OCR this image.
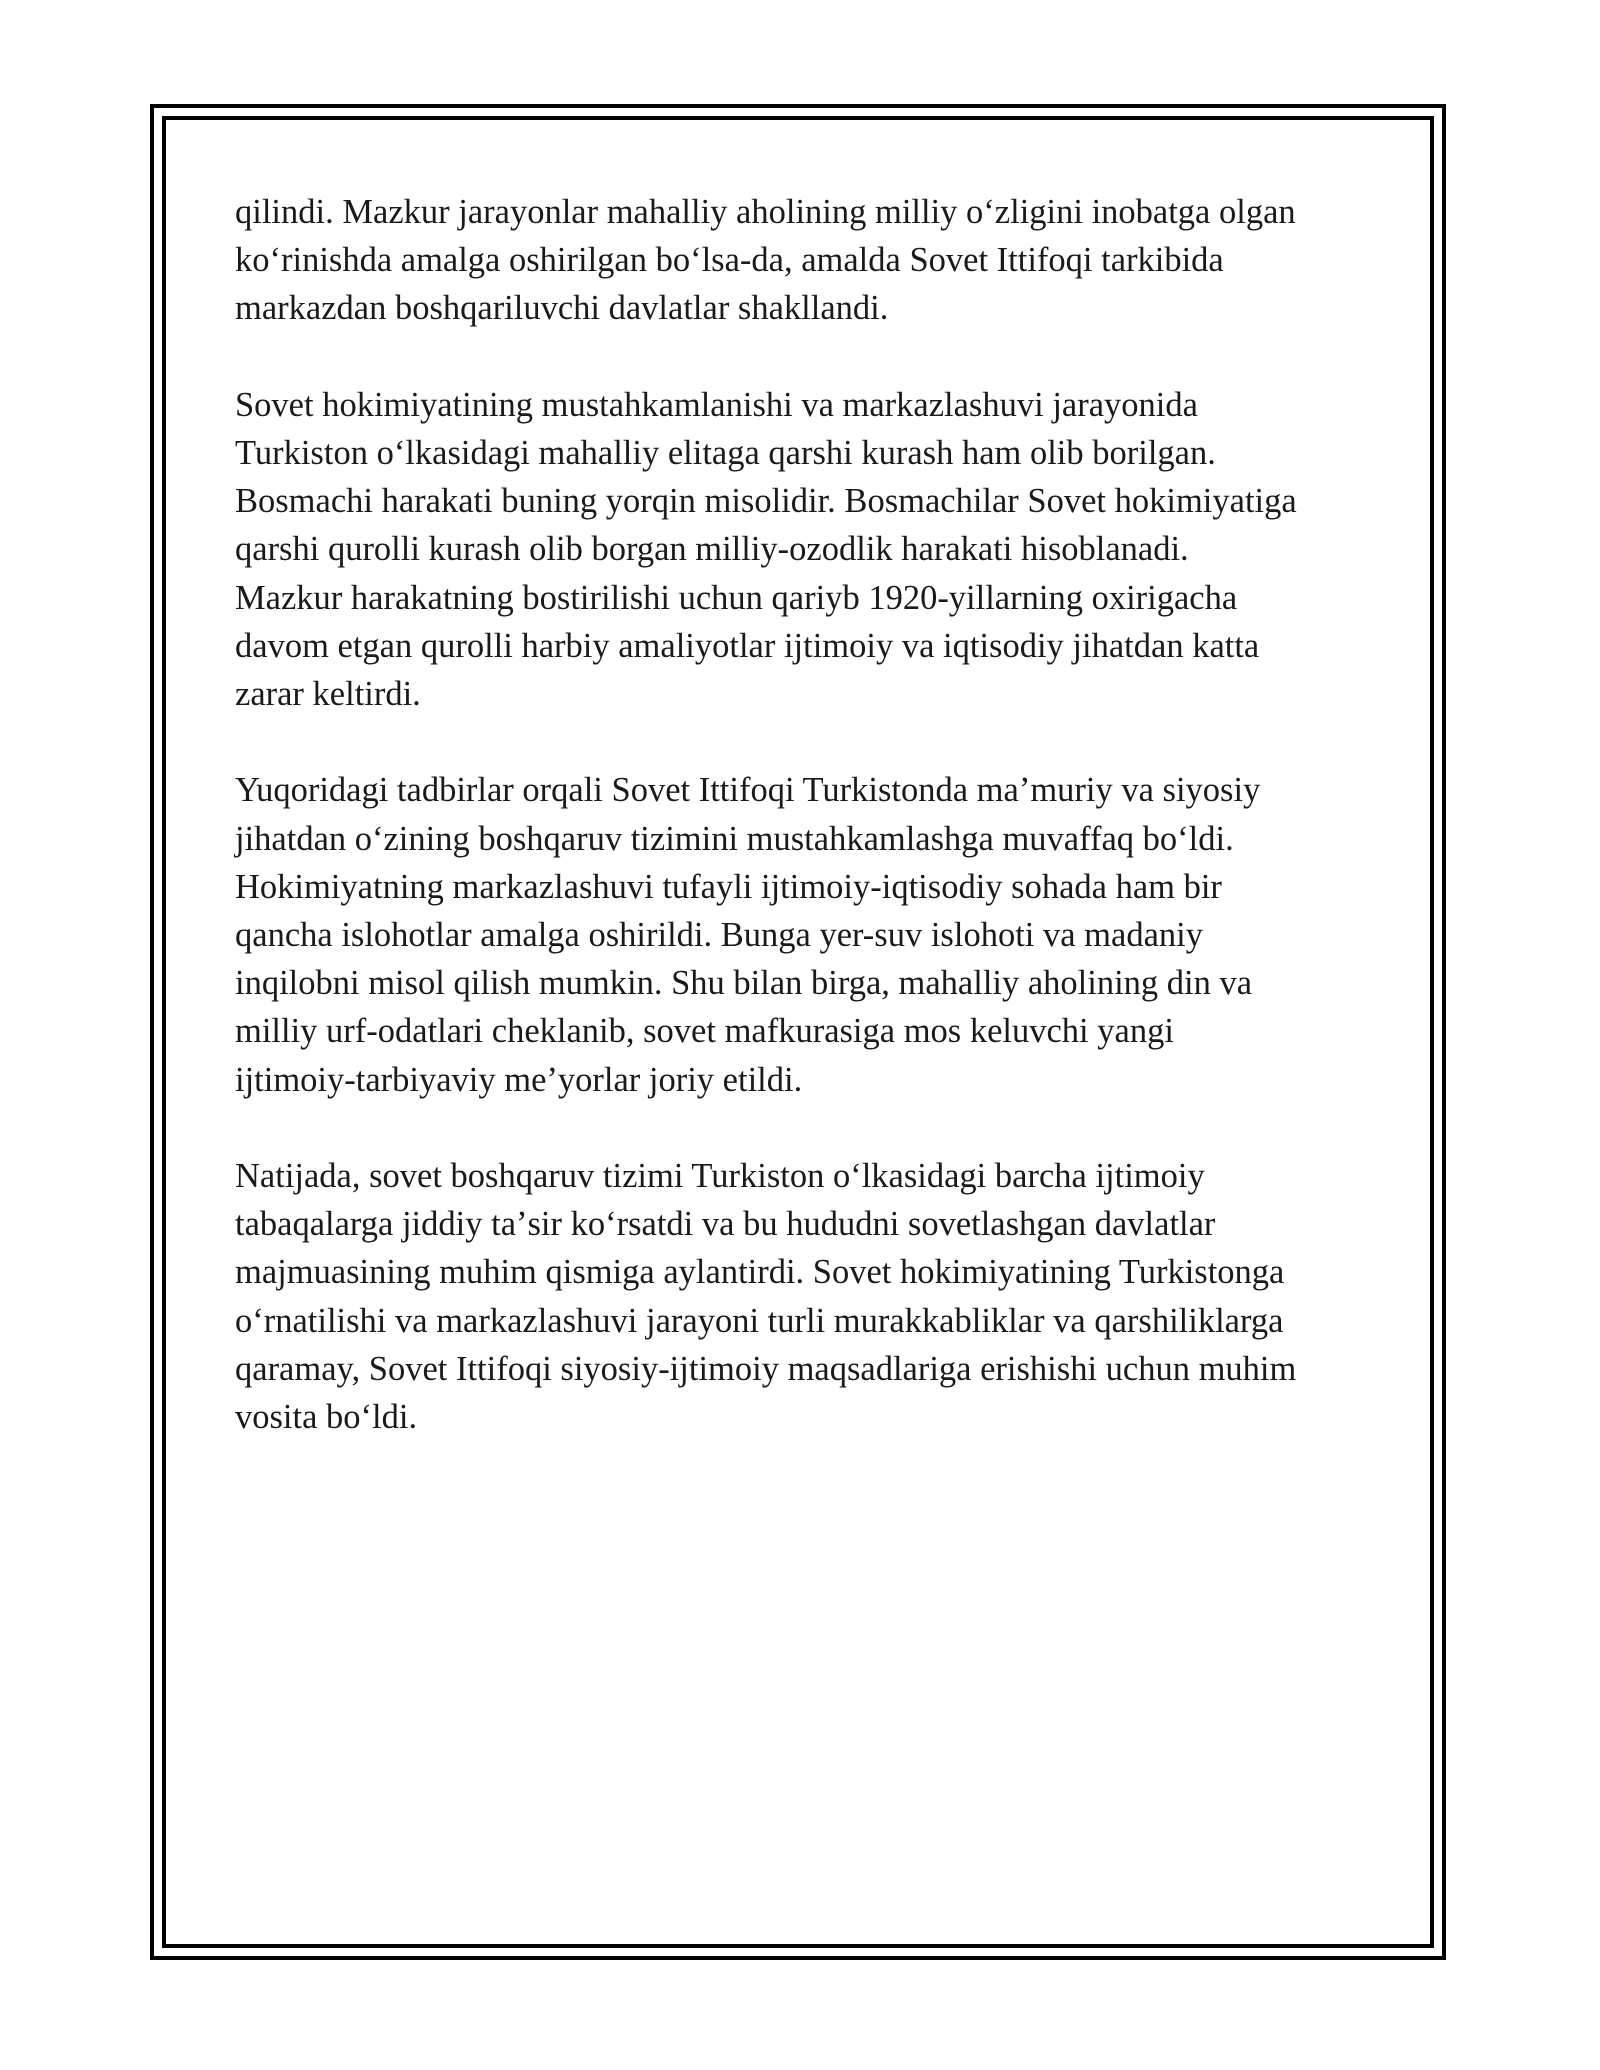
qilindi. Mazkur jarayonlar mahalliy aholining milliy oʻzligini inobatga olgan
koʻrinishda amalga oshirilgan boʻlsa-da, amalda Sovet Ittifoqi tarkibida
markazdan boshqariluvchi davlatlar shakllandi.

Sovet hokimiyatining mustahkamlanishi va markazlashuvi jarayonida
Turkiston oʻlkasidagi mahalliy elitaga qarshi kurash ham olib borilgan.
Bosmachi harakati buning yorqin misolidir. Bosmachilar Sovet hokimiyatiga
qarshi qurolli kurash olib borgan milliy-ozodlik harakati hisoblanadi.
Mazkur harakatning bostirilishi uchun qariyb 1920-yillarning oxirigacha
davom etgan qurolli harbiy amaliyotlar ijtimoiy va iqtisodiy jihatdan katta
zarar keltirdi.

Yuqoridagi tadbirlar orqali Sovet Ittifoqi Turkistonda maʼmuriy va siyosiy
jihatdan oʻzining boshqaruv tizimini mustahkamlashga muvaffaq boʻldi.
Hokimiyatning markazlashuvi tufayli ijtimoiy-iqtisodiy sohada ham bir
qancha islohotlar amalga oshirildi. Bunga yer-suv islohoti va madaniy
inqilobni misol qilish mumkin. Shu bilan birga, mahalliy aholining din va
milliy urf-odatlari cheklanib, sovet mafkurasiga mos keluvchi yangi
ijtimoiy-tarbiyaviy meʼyorlar joriy etildi.

Natijada, sovet boshqaruv tizimi Turkiston oʻlkasidagi barcha ijtimoiy
tabaqalarga jiddiy taʼsir koʻrsatdi va bu hududni sovetlashgan davlatlar
majmuasining muhim qismiga aylantirdi. Sovet hokimiyatining Turkistonga
oʻrnatilishi va markazlashuvi jarayoni turli murakkabliklar va qarshiliklarga
qaramay, Sovet Ittifoqi siyosiy-ijtimoiy maqsadlariga erishishi uchun muhim
vosita boʻldi.
